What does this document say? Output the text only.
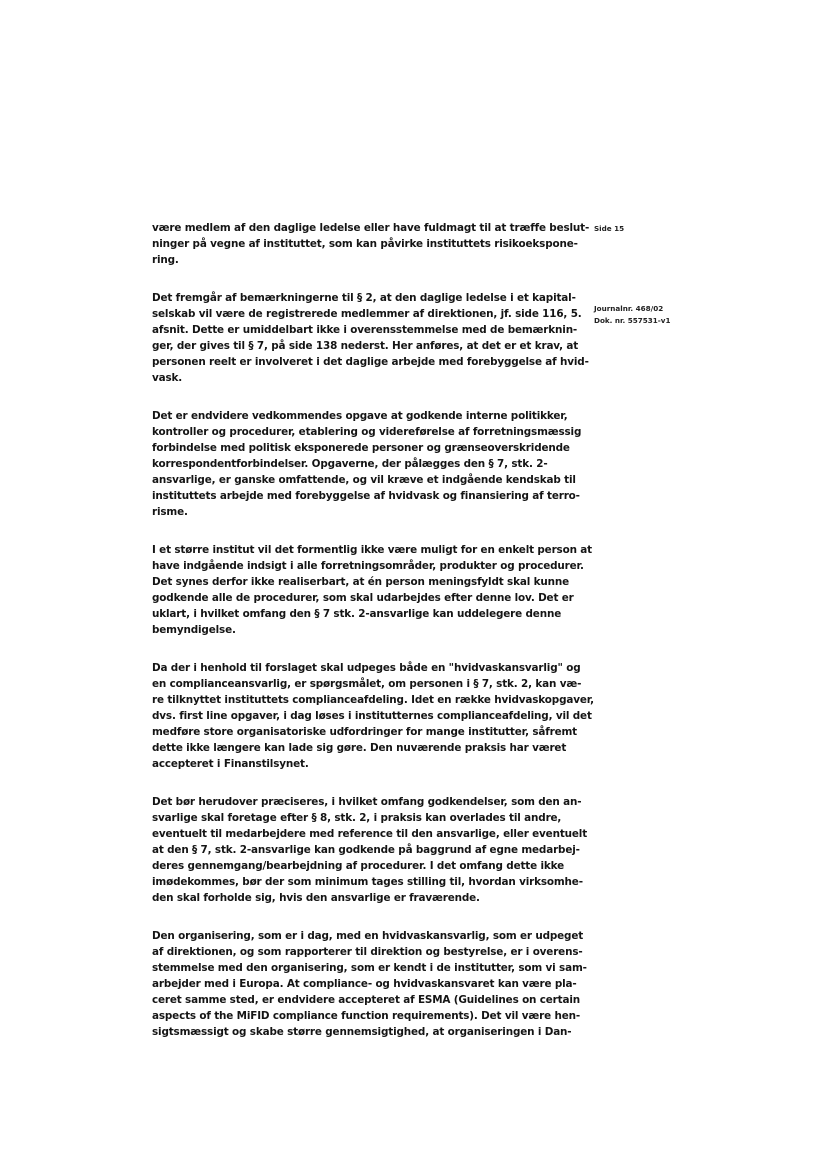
Side 15
Journalnr. 468/02
Dok. nr. 557531-v1
være medlem af den daglige ledelse eller have fuldmagt til at træffe beslut-
ninger på vegne af instituttet, som kan påvirke instituttets risikoekspone-
ring.
Det fremgår af bemærkningerne til § 2, at den daglige ledelse i et kapital-
selskab vil være de registrerede medlemmer af direktionen, jf. side 116, 5.
afsnit. Dette er umiddelbart ikke i overensstemmelse med de bemærknin-
ger, der gives til § 7, på side 138 nederst. Her anføres, at det er et krav, at
personen reelt er involveret i det daglige arbejde med forebyggelse af hvid-
vask.
Det er endvidere vedkommendes opgave at godkende interne politikker,
kontroller og procedurer, etablering og videreførelse af forretningsmæssig
forbindelse med politisk eksponerede personer og grænseoverskridende
korrespondentforbindelser. Opgaverne, der pålægges den § 7, stk. 2-
ansvarlige, er ganske omfattende, og vil kræve et indgående kendskab til
instituttets arbejde med forebyggelse af hvidvask og finansiering af terro-
risme.
I et større institut vil det formentlig ikke være muligt for en enkelt person at
have indgående indsigt i alle forretningsområder, produkter og procedurer.
Det synes derfor ikke realiserbart, at én person meningsfyldt skal kunne
godkende alle de procedurer, som skal udarbejdes efter denne lov. Det er
uklart, i hvilket omfang den § 7 stk. 2-ansvarlige kan uddelegere denne
bemyndigelse.
Da der i henhold til forslaget skal udpeges både en "hvidvaskansvarlig" og
en complianceansvarlig, er spørgsmålet, om personen i § 7, stk. 2, kan væ-
re tilknyttet instituttets complianceafdeling. Idet en række hvidvaskopgaver,
dvs. first line opgaver, i dag løses i institutternes complianceafdeling, vil det
medføre store organisatoriske udfordringer for mange institutter, såfremt
dette ikke længere kan lade sig gøre. Den nuværende praksis har været
accepteret i Finanstilsynet.
Det bør herudover præciseres, i hvilket omfang godkendelser, som den an-
svarlige skal foretage efter § 8, stk. 2, i praksis kan overlades til andre,
eventuelt til medarbejdere med reference til den ansvarlige, eller eventuelt
at den § 7, stk. 2-ansvarlige kan godkende på baggrund af egne medarbej-
deres gennemgang/bearbejdning af procedurer. I det omfang dette ikke
imødekommes, bør der som minimum tages stilling til, hvordan virksomhe-
den skal forholde sig, hvis den ansvarlige er fraværende.
Den organisering, som er i dag, med en hvidvaskansvarlig, som er udpeget
af direktionen, og som rapporterer til direktion og bestyrelse, er i overens-
stemmelse med den organisering, som er kendt i de institutter, som vi sam-
arbejder med i Europa. At compliance- og hvidvaskansvaret kan være pla-
ceret samme sted, er endvidere accepteret af ESMA (Guidelines on certain
aspects of the MiFID compliance function requirements). Det vil være hen-
sigtsmæssigt og skabe større gennemsigtighed, at organiseringen i Dan-
